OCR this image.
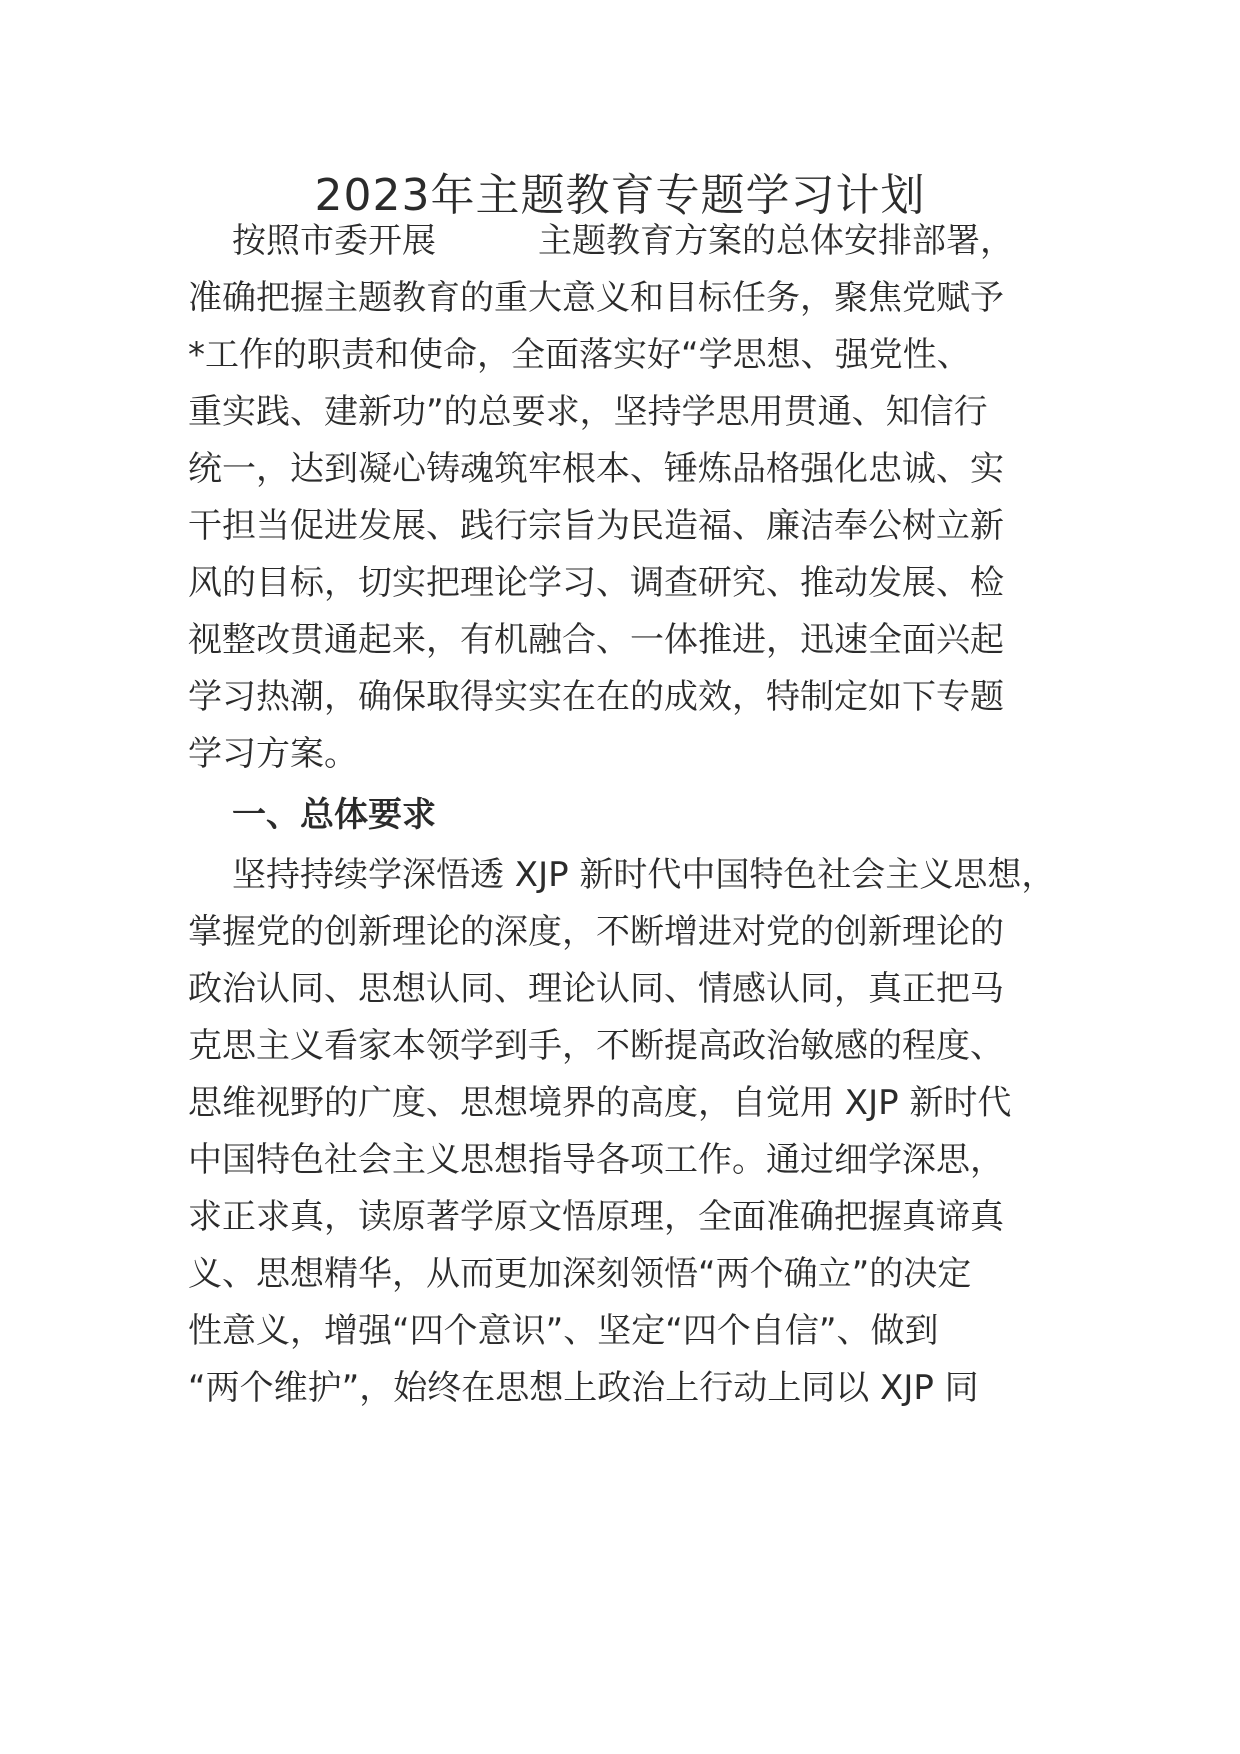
2023年主题教育专题学习计划

按照市委开展　　　主题教育方案的总体安排部署，

准确把握主题教育的重大意义和目标任务，聚焦党赋予

*工作的职责和使命，全面落实好“学思想、强党性、

重实践、建新功”的总要求，坚持学思用贯通、知信行

统一，达到凝心铸魂筑牢根本、锤炼品格强化忠诚、实

干担当促进发展、践行宗旨为民造福、廉洁奉公树立新

风的目标，切实把理论学习、调查研究、推动发展、检

视整改贯通起来，有机融合、一体推进，迅速全面兴起

学习热潮，确保取得实实在在的成效，特制定如下专题

学习方案。

一、总体要求

坚持持续学深悟透 XJP 新时代中国特色社会主义思想，

掌握党的创新理论的深度，不断增进对党的创新理论的

政治认同、思想认同、理论认同、情感认同，真正把马

克思主义看家本领学到手，不断提高政治敏感的程度、

思维视野的广度、思想境界的高度，自觉用 XJP 新时代

中国特色社会主义思想指导各项工作。通过细学深思，

求正求真，读原著学原文悟原理，全面准确把握真谛真

义、思想精华，从而更加深刻领悟“两个确立”的决定

性意义，增强“四个意识”、坚定“四个自信”、做到

“两个维护”，始终在思想上政治上行动上同以 XJP 同
